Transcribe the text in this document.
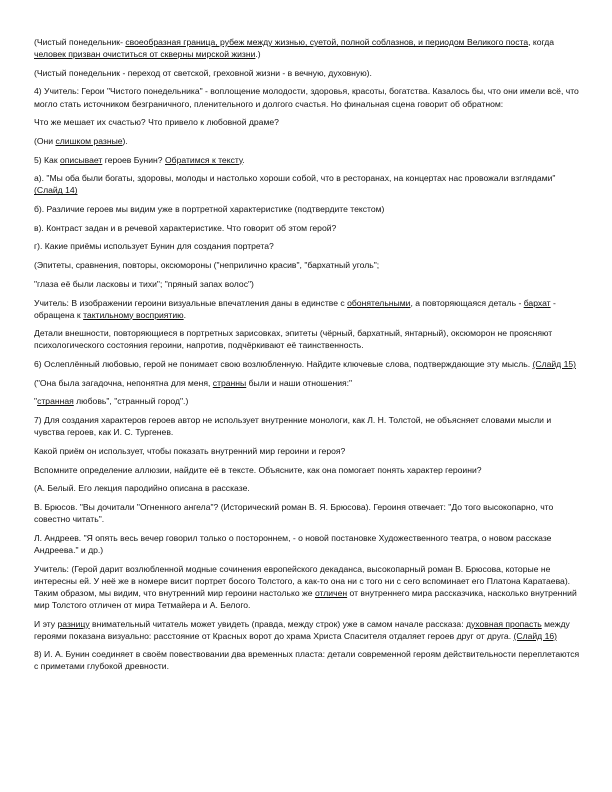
(Чистый понедельник- своеобразная граница, рубеж между жизнью, суетой, полной соблазнов, и периодом Великого поста, когда человек призван очиститься от скверны мирской жизни.)

(Чистый понедельник - переход от светской, греховной жизни - в вечную, духовную).

4) Учитель: Герои "Чистого понедельника" - воплощение молодости, здоровья, красоты, богатства. Казалось бы, что они имели всё, что могло стать источником безграничного, пленительного и долгого счастья. Но финальная сцена говорит об обратном:

Что же мешает их счастью? Что привело к любовной драме?

(Они слишком разные).

5) Как описывает героев Бунин? Обратимся к тексту.

а). "Мы оба были богаты, здоровы, молоды и настолько хороши собой, что в ресторанах, на концертах нас провожали взглядами" (Слайд 14)

б). Различие героев мы видим уже в портретной характеристике (подтвердите текстом)

в). Контраст задан и в речевой характеристике. Что говорит об этом герой?

г). Какие приёмы использует Бунин для создания портрета?

(Эпитеты, сравнения, повторы, оксюмороны ("неприлично красив", "бархатный уголь";

"глаза её были ласковы и тихи"; "пряный запах волос")

Учитель: В изображении героини визуальные впечатления даны в единстве с обонятельными, а повторяющаяся деталь - бархат - обращена к тактильному восприятию.

Детали внешности, повторяющиеся в портретных зарисовках, эпитеты (чёрный, бархатный, янтарный), оксюморон не проясняют психологического состояния героини, напротив, подчёркивают её таинственность.

6) Ослеплённый любовью, герой не понимает свою возлюбленную. Найдите ключевые слова, подтверждающие эту мысль. (Слайд 15)

("Она была загадочна, непонятна для меня, странны были и наши отношения:"

"странная любовь", "странный город".)

7) Для создания характеров героев автор не использует внутренние монологи, как Л. Н. Толстой, не объясняет словами мысли и чувства героев, как И. С. Тургенев.

Какой приём он использует, чтобы показать внутренний мир героини и героя?

Вспомните определение аллюзии, найдите её в тексте. Объясните, как она помогает понять характер героини?

(А. Белый. Его лекция пародийно описана в рассказе.

В. Брюсов. "Вы дочитали "Огненного ангела"? (Исторический роман В. Я. Брюсова). Героиня отвечает: "До того высокопарно, что совестно читать".

Л. Андреев. "Я опять весь вечер говорил только о постороннем, - о новой постановке Художественного театра, о новом рассказе Андреева." и др.)

Учитель: (Герой дарит возлюбленной модные сочинения европейского декаданса, высокопарный роман В. Брюсова, которые не интересны ей. У неё же в номере висит портрет босого Толстого, а как-то она ни с того ни с сего вспоминает его Платона Каратаева). Таким образом, мы видим, что внутренний мир героини настолько же отличен от внутреннего мира рассказчика, насколько внутренний мир Толстого отличен от мира Тетмайера и А. Белого.

И эту разницу внимательный читатель может увидеть (правда, между строк) уже в самом начале рассказа: духовная пропасть между героями показана визуально: расстояние от Красных ворот до храма Христа Спасителя отдаляет героев друг от друга. (Слайд 16)

8) И. А. Бунин соединяет в своём повествовании два временных пласта: детали современной героям действительности переплетаются с приметами глубокой древности.
